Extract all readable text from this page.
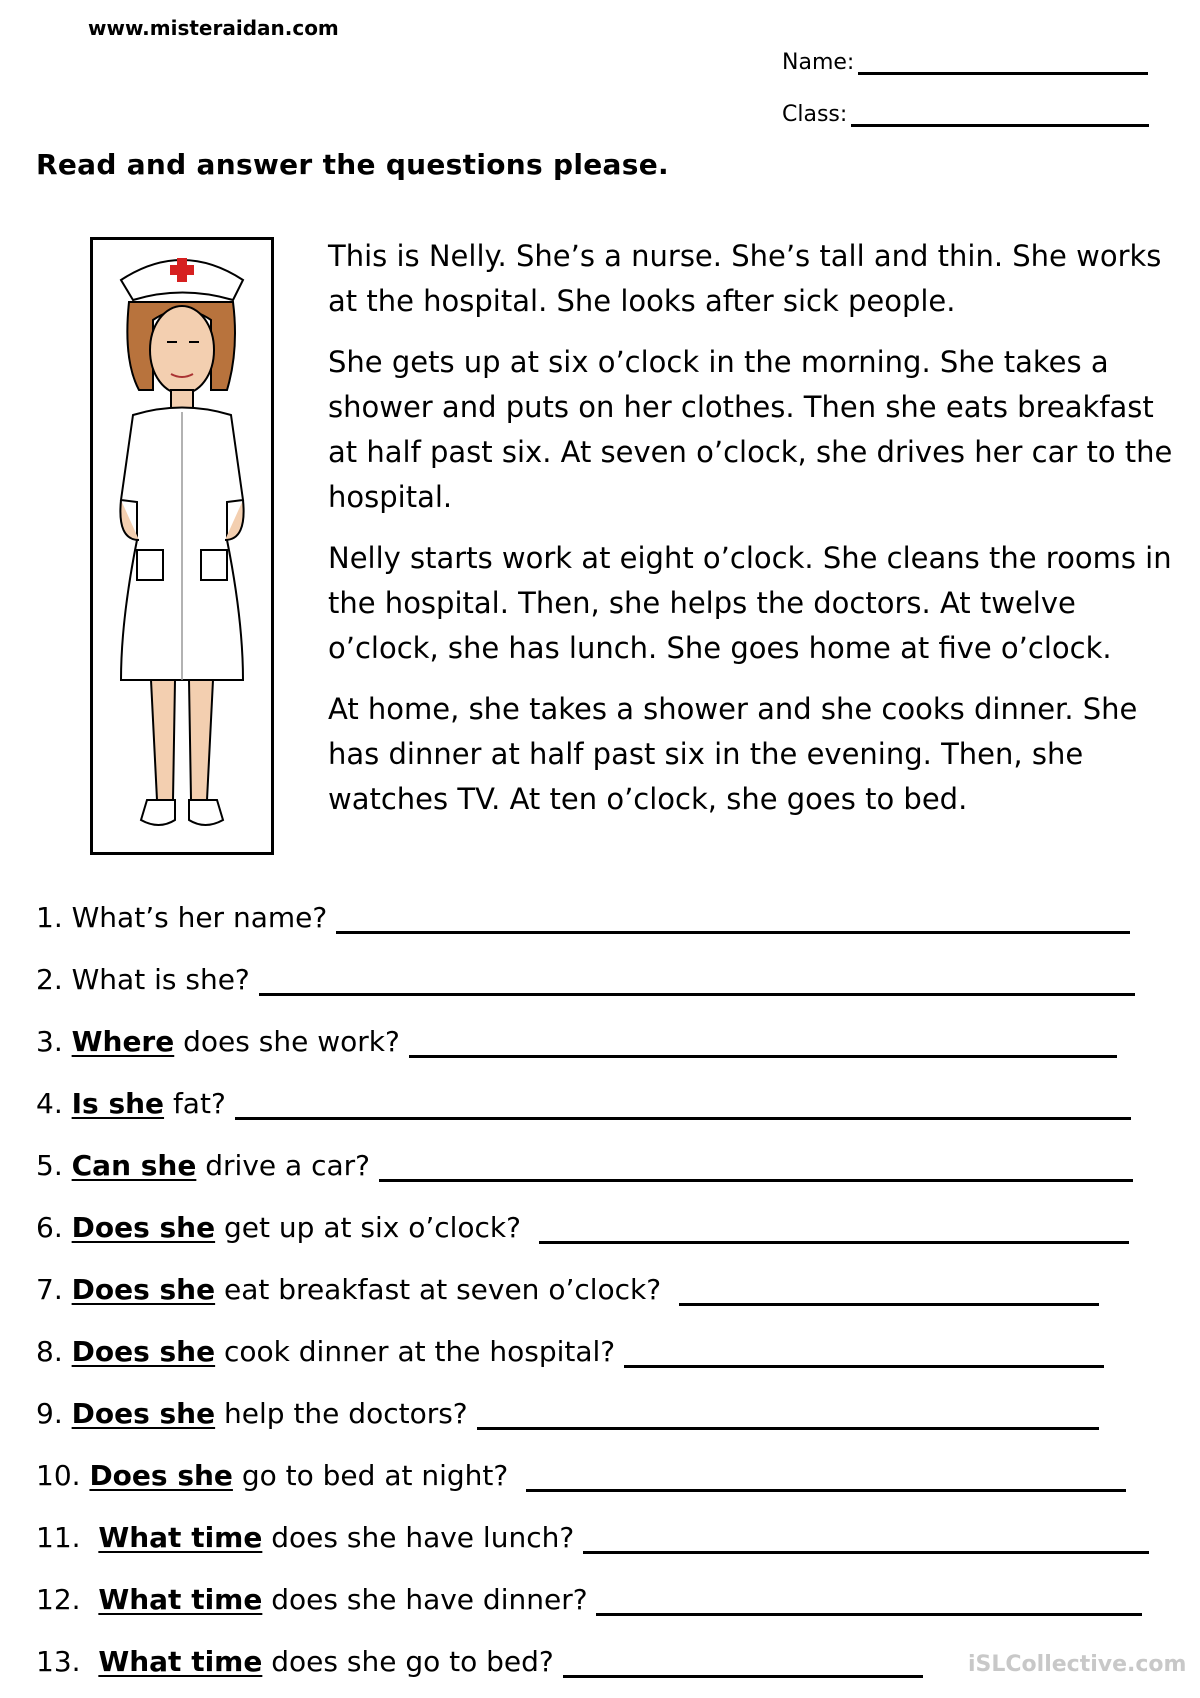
www.misteraidan.com
Name:
Class:
Read and answer the questions please.

This is Nelly. She’s a nurse. She’s tall and thin. She works at the hospital. She looks after sick people.

She gets up at six o’clock in the morning. She takes a shower and puts on her clothes. Then she eats breakfast at half past six. At seven o’clock, she drives her car to the hospital.

Nelly starts work at eight o’clock. She cleans the rooms in the hospital. Then, she helps the doctors. At twelve o’clock, she has lunch. She goes home at five o’clock.

At home, she takes a shower and she cooks dinner. She has dinner at half past six in the evening. Then, she watches TV. At ten o’clock, she goes to bed.

1.
What’s her name?

2.
What is she?

3.
Where
does she work?

4.
Is she
fat?

5.
Can she
drive a car?

6.
Does she
get up at six o’clock?

7.
Does she
eat breakfast at seven o’clock?

8.
Does she
cook dinner at the hospital?

9.
Does she
help the doctors?

10.
Does she
go to bed at night?

11.
What time
does she have lunch?

12.
What time
does she have dinner?

13.
What time
does she go to bed?
	iSLCollective.com
